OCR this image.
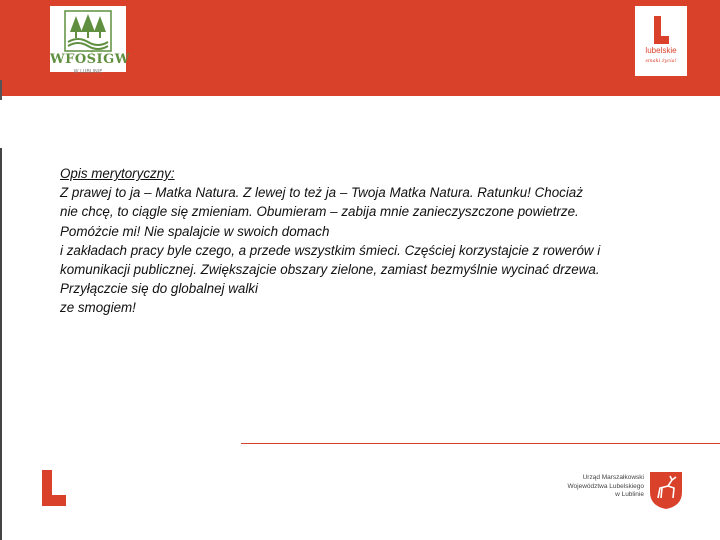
WFOŚIGW
W LUBLINIE
lubelskie
smaki życia!
Opis merytoryczny:
Z prawej to ja – Matka Natura. Z lewej to też ja – Twoja Matka Natura. Ratunku! Chociaż
nie chcę, to ciągle się zmieniam. Obumieram – zabija mnie zanieczyszczone powietrze.
Pomóżcie mi! Nie spalajcie w swoich domach
i zakładach pracy byle czego, a przede wszystkim śmieci. Częściej korzystajcie z rowerów i
komunikacji publicznej. Zwiększajcie obszary zielone, zamiast bezmyślnie wycinać drzewa.
Przyłączcie się do globalnej walki
ze smogiem!
Urząd Marszałkowski
Województwa Lubelskiego
w Lublinie
